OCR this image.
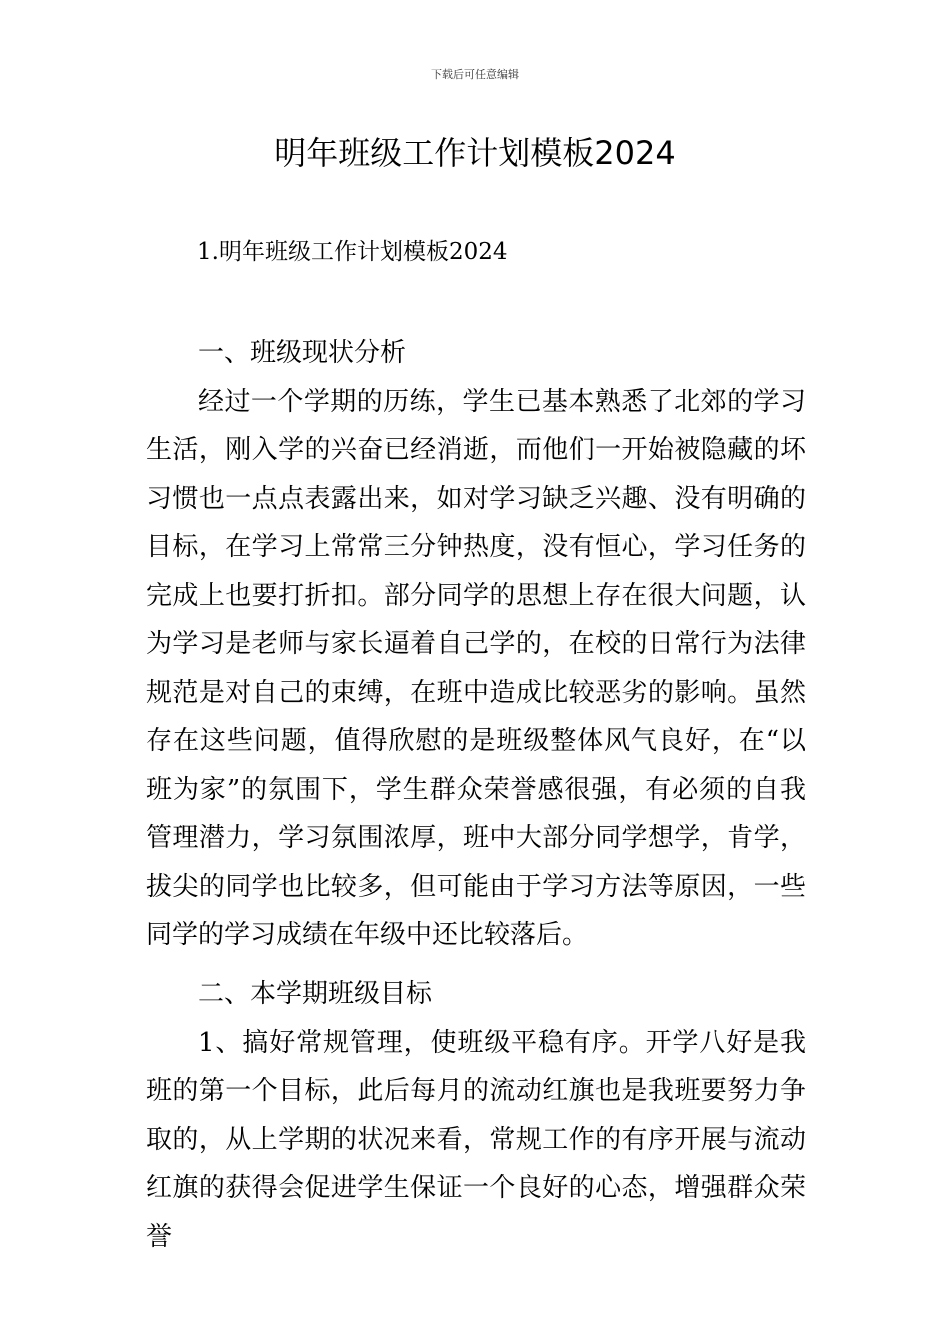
下载后可任意编辑
明年班级工作计划模板2024
1.明年班级工作计划模板2024

一、班级现状分析

经过一个学期的历练，学生已基本熟悉了北郊的学习生活，刚入学的兴奋已经消逝，而他们一开始被隐藏的坏习惯也一点点表露出来，如对学习缺乏兴趣、没有明确的目标，在学习上常常三分钟热度，没有恒心，学习任务的完成上也要打折扣。部分同学的思想上存在很大问题，认为学习是老师与家长逼着自己学的，在校的日常行为法律规范是对自己的束缚，在班中造成比较恶劣的影响。虽然存在这些问题，值得欣慰的是班级整体风气良好，在“以班为家”的氛围下，学生群众荣誉感很强，有必须的自我管理潜力，学习氛围浓厚，班中大部分同学想学，肯学，拔尖的同学也比较多，但可能由于学习方法等原因，一些同学的学习成绩在年级中还比较落后。

二、本学期班级目标

1、搞好常规管理，使班级平稳有序。开学八好是我班的第一个目标，此后每月的流动红旗也是我班要努力争取的，从上学期的状况来看，常规工作的有序开展与流动红旗的获得会促进学生保证一个良好的心态，增强群众荣誉
